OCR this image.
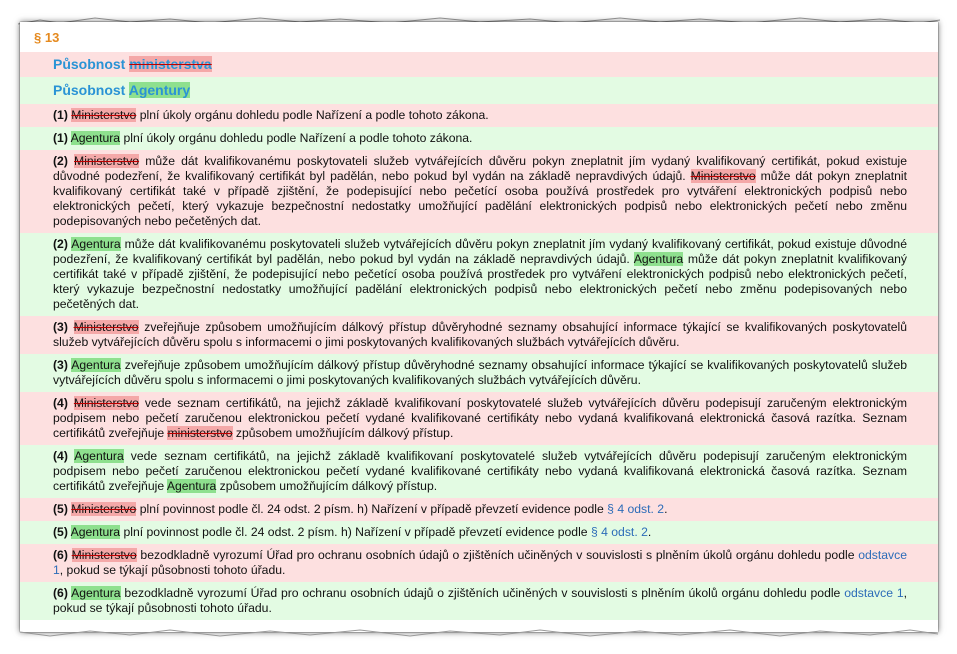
§ 13
Působnost ministerstva
Působnost Agentury
(1) Ministerstvo plní úkoly orgánu dohledu podle Nařízení a podle tohoto zákona.
(1) Agentura plní úkoly orgánu dohledu podle Nařízení a podle tohoto zákona.
(2) Ministerstvo může dát kvalifikovanému poskytovateli služeb vytvářejících důvěru pokyn zneplatnit jím vydaný kvalifikovaný certifikát, pokud existuje důvodné podezření, že kvalifikovaný certifikát byl padělán, nebo pokud byl vydán na základě nepravdivých údajů. Ministerstvo může dát pokyn zneplatnit kvalifikovaný certifikát také v případě zjištění, že podepisující nebo pečetící osoba používá prostředek pro vytváření elektronických podpisů nebo elektronických pečetí, který vykazuje bezpečnostní nedostatky umožňující padělání elektronických podpisů nebo elektronických pečetí nebo změnu podepisovaných nebo pečetěných dat.
(2) Agentura může dát kvalifikovanému poskytovateli služeb vytvářejících důvěru pokyn zneplatnit jím vydaný kvalifikovaný certifikát, pokud existuje důvodné podezření, že kvalifikovaný certifikát byl padělán, nebo pokud byl vydán na základě nepravdivých údajů. Agentura může dát pokyn zneplatnit kvalifikovaný certifikát také v případě zjištění, že podepisující nebo pečetící osoba používá prostředek pro vytváření elektronických podpisů nebo elektronických pečetí, který vykazuje bezpečnostní nedostatky umožňující padělání elektronických podpisů nebo elektronických pečetí nebo změnu podepisovaných nebo pečetěných dat.
(3) Ministerstvo zveřejňuje způsobem umožňujícím dálkový přístup důvěryhodné seznamy obsahující informace týkající se kvalifikovaných poskytovatelů služeb vytvářejících důvěru spolu s informacemi o jimi poskytovaných kvalifikovaných službách vytvářejících důvěru.
(3) Agentura zveřejňuje způsobem umožňujícím dálkový přístup důvěryhodné seznamy obsahující informace týkající se kvalifikovaných poskytovatelů služeb vytvářejících důvěru spolu s informacemi o jimi poskytovaných kvalifikovaných službách vytvářejících důvěru.
(4) Ministerstvo vede seznam certifikátů, na jejichž základě kvalifikovaní poskytovatelé služeb vytvářejících důvěru podepisují zaručeným elektronickým podpisem nebo pečetí zaručenou elektronickou pečetí vydané kvalifikované certifikáty nebo vydaná kvalifikovaná elektronická časová razítka. Seznam certifikátů zveřejňuje ministerstvo způsobem umožňujícím dálkový přístup.
(4) Agentura vede seznam certifikátů, na jejichž základě kvalifikovaní poskytovatelé služeb vytvářejících důvěru podepisují zaručeným elektronickým podpisem nebo pečetí zaručenou elektronickou pečetí vydané kvalifikované certifikáty nebo vydaná kvalifikovaná elektronická časová razítka. Seznam certifikátů zveřejňuje Agentura způsobem umožňujícím dálkový přístup.
(5) Ministerstvo plní povinnost podle čl. 24 odst. 2 písm. h) Nařízení v případě převzetí evidence podle § 4 odst. 2.
(5) Agentura plní povinnost podle čl. 24 odst. 2 písm. h) Nařízení v případě převzetí evidence podle § 4 odst. 2.
(6) Ministerstvo bezodkladně vyrozumí Úřad pro ochranu osobních údajů o zjištěních učiněných v souvislosti s plněním úkolů orgánu dohledu podle odstavce 1, pokud se týkají působnosti tohoto úřadu.
(6) Agentura bezodkladně vyrozumí Úřad pro ochranu osobních údajů o zjištěních učiněných v souvislosti s plněním úkolů orgánu dohledu podle odstavce 1, pokud se týkají působnosti tohoto úřadu.
